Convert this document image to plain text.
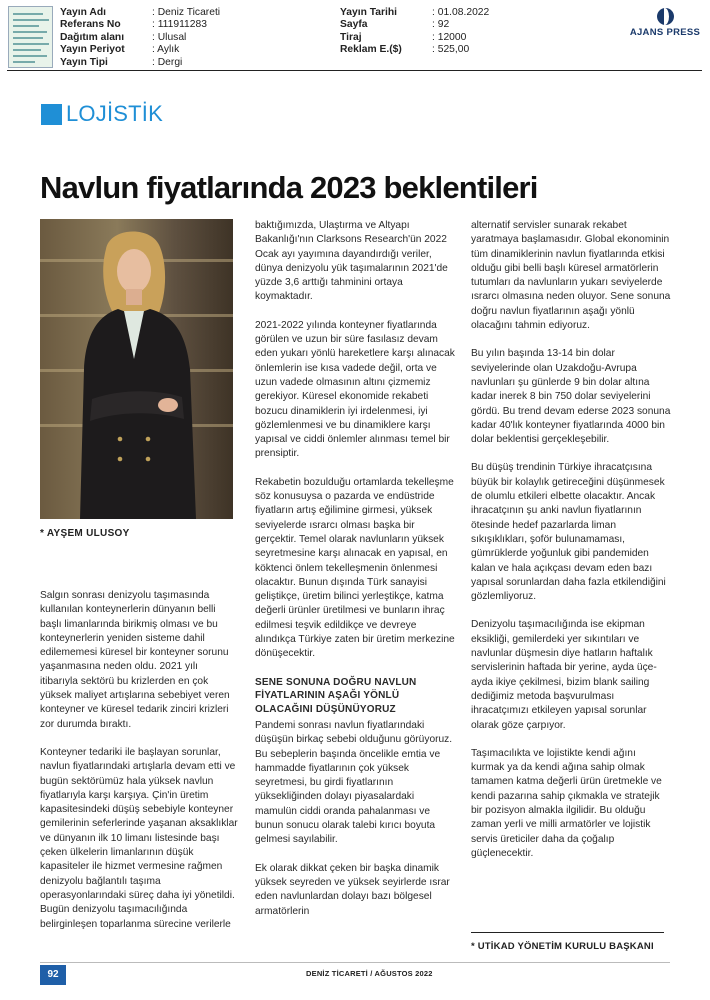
Yayın Adı	: Deniz Ticareti
Referans No	: 111911283
Dağıtım alanı	: Ulusal
Yayın Periyot	: Aylık
Yayın Tipi	: Dergi
Yayın Tarihi	: 01.08.2022
Sayfa	: 92
Tiraj	: 12000
Reklam E.($)	: 525,00
AJANS PRESS
LOJİSTİK
Navlun fiyatlarında 2023 beklentileri
* AYŞEM ULUSOY

Salgın sonrası denizyolu taşımasında kullanılan konteynerlerin dünyanın belli başlı limanlarında birikmiş olması ve bu konteynerlerin yeniden sisteme dahil edilememesi küresel bir konteyner sorunu yaşanmasına neden oldu. 2021 yılı itibarıyla sektörü bu krizlerden en çok yüksek maliyet artışlarına sebebiyet veren konteyner ve küresel tedarik zinciri krizleri zor durumda bıraktı.

Konteyner tedariki ile başlayan sorunlar, navlun fiyatlarındaki artışlarla devam etti ve bugün sektörümüz hala yüksek navlun fiyatlarıyla karşı karşıya. Çin'in üretim kapasitesindeki düşüş sebebiyle konteyner gemilerinin seferlerinde yaşanan aksaklıklar ve dünyanın ilk 10 limanı listesinde başı çeken ülkelerin limanlarının düşük kapasiteler ile hizmet vermesine rağmen denizyolu bağlantılı taşıma operasyonlarındaki süreç daha iyi yönetildi. Bugün denizyolu taşımacılığında belirginleşen toparlanma sürecine verilerle

baktığımızda, Ulaştırma ve Altyapı Bakanlığı'nın Clarksons Research'ün 2022 Ocak ayı yayımına dayandırdığı veriler, dünya denizyolu yük taşımalarının 2021'de yüzde 3,6 arttığı tahminini ortaya koymaktadır.

2021-2022 yılında konteyner fiyatlarında görülen ve uzun bir süre fasılasız devam eden yukarı yönlü hareketlere karşı alınacak önlemlerin ise kısa vadede değil, orta ve uzun vadede olmasının altını çizmemiz gerekiyor. Küresel ekonomide rekabeti bozucu dinamiklerin iyi irdelenmesi, iyi gözlemlenmesi ve bu dinamiklere karşı yapısal ve ciddi önlemler alınması temel bir prensiptir.

Rekabetin bozulduğu ortamlarda tekelleşme söz konusuysa o pazarda ve endüstride fiyatların artış eğilimine girmesi, yüksek seviyelerde ısrarcı olması başka bir gerçektir. Temel olarak navlunların yüksek seyretmesine karşı alınacak en yapısal, en köktenci önlem tekelleşmenin önlenmesi olacaktır. Bunun dışında Türk sanayisi geliştikçe, üretim bilinci yerleştikçe, katma değerli ürünler üretilmesi ve bunların ihraç edilmesi teşvik edildikçe ve devreye alındıkça Türkiye zaten bir üretim merkezine dönüşecektir.

SENE SONUNA DOĞRU NAVLUN FİYATLARININ AŞAĞI YÖNLÜ OLACAĞINI DÜŞÜNÜYORUZ

Pandemi sonrası navlun fiyatlarındaki düşüşün birkaç sebebi olduğunu görüyoruz. Bu sebeplerin başında öncelikle emtia ve hammadde fiyatlarının çok yüksek seyretmesi, bu girdi fiyatlarının yüksekliğinden dolayı piyasalardaki mamulün ciddi oranda pahalanması ve bunun sonucu olarak talebi kırıcı boyuta gelmesi sayılabilir.

Ek olarak dikkat çeken bir başka dinamik yüksek seyreden ve yüksek seyirlerde ısrar eden navlunlardan dolayı bazı bölgesel armatörlerin

alternatif servisler sunarak rekabet yaratmaya başlamasıdır. Global ekonominin tüm dinamiklerinin navlun fiyatlarında etkisi olduğu gibi belli başlı küresel armatörlerin tutumları da navlunların yukarı seviyelerde ısrarcı olmasına neden oluyor. Sene sonuna doğru navlun fiyatlarının aşağı yönlü olacağını tahmin ediyoruz.

Bu yılın başında 13-14 bin dolar seviyelerinde olan Uzakdoğu-Avrupa navlunları şu günlerde 9 bin dolar altına kadar inerek 8 bin 750 dolar seviyelerini gördü. Bu trend devam ederse 2023 sonuna kadar 40'lık konteyner fiyatlarında 4000 bin dolar beklentisi gerçekleşebilir.

Bu düşüş trendinin Türkiye ihracatçısına büyük bir kolaylık getireceğini düşünmesek de olumlu etkileri elbette olacaktır. Ancak ihracatçının şu anki navlun fiyatlarının ötesinde hedef pazarlarda liman sıkışıklıkları, şoför bulunamaması, gümrüklerde yoğunluk gibi pandemiden kalan ve hala açıkçası devam eden bazı yapısal sorunlardan daha fazla etkilendiğini gözlemliyoruz.

Denizyolu taşımacılığında ise ekipman eksikliği, gemilerdeki yer sıkıntıları ve navlunlar düşmesin diye hatların haftalık servislerinin haftada bir yerine, ayda üçe-ayda ikiye çekilmesi, bizim blank sailing dediğimiz metoda başvurulması ihracatçımızı etkileyen yapısal sorunlar olarak göze çarpıyor.

Taşımacılıkta ve lojistikte kendi ağını kurmak ya da kendi ağına sahip olmak tamamen katma değerli ürün üretmekle ve kendi pazarına sahip çıkmakla ve stratejik bir pozisyon almakla ilgilidir. Bu olduğu zaman yerli ve milli armatörler ve lojistik servis üreticiler daha da çoğalıp güçlenecektir.

* UTİKAD YÖNETİM KURULU BAŞKANI
92	DENİZ TİCARETİ / AĞUSTOS 2022
